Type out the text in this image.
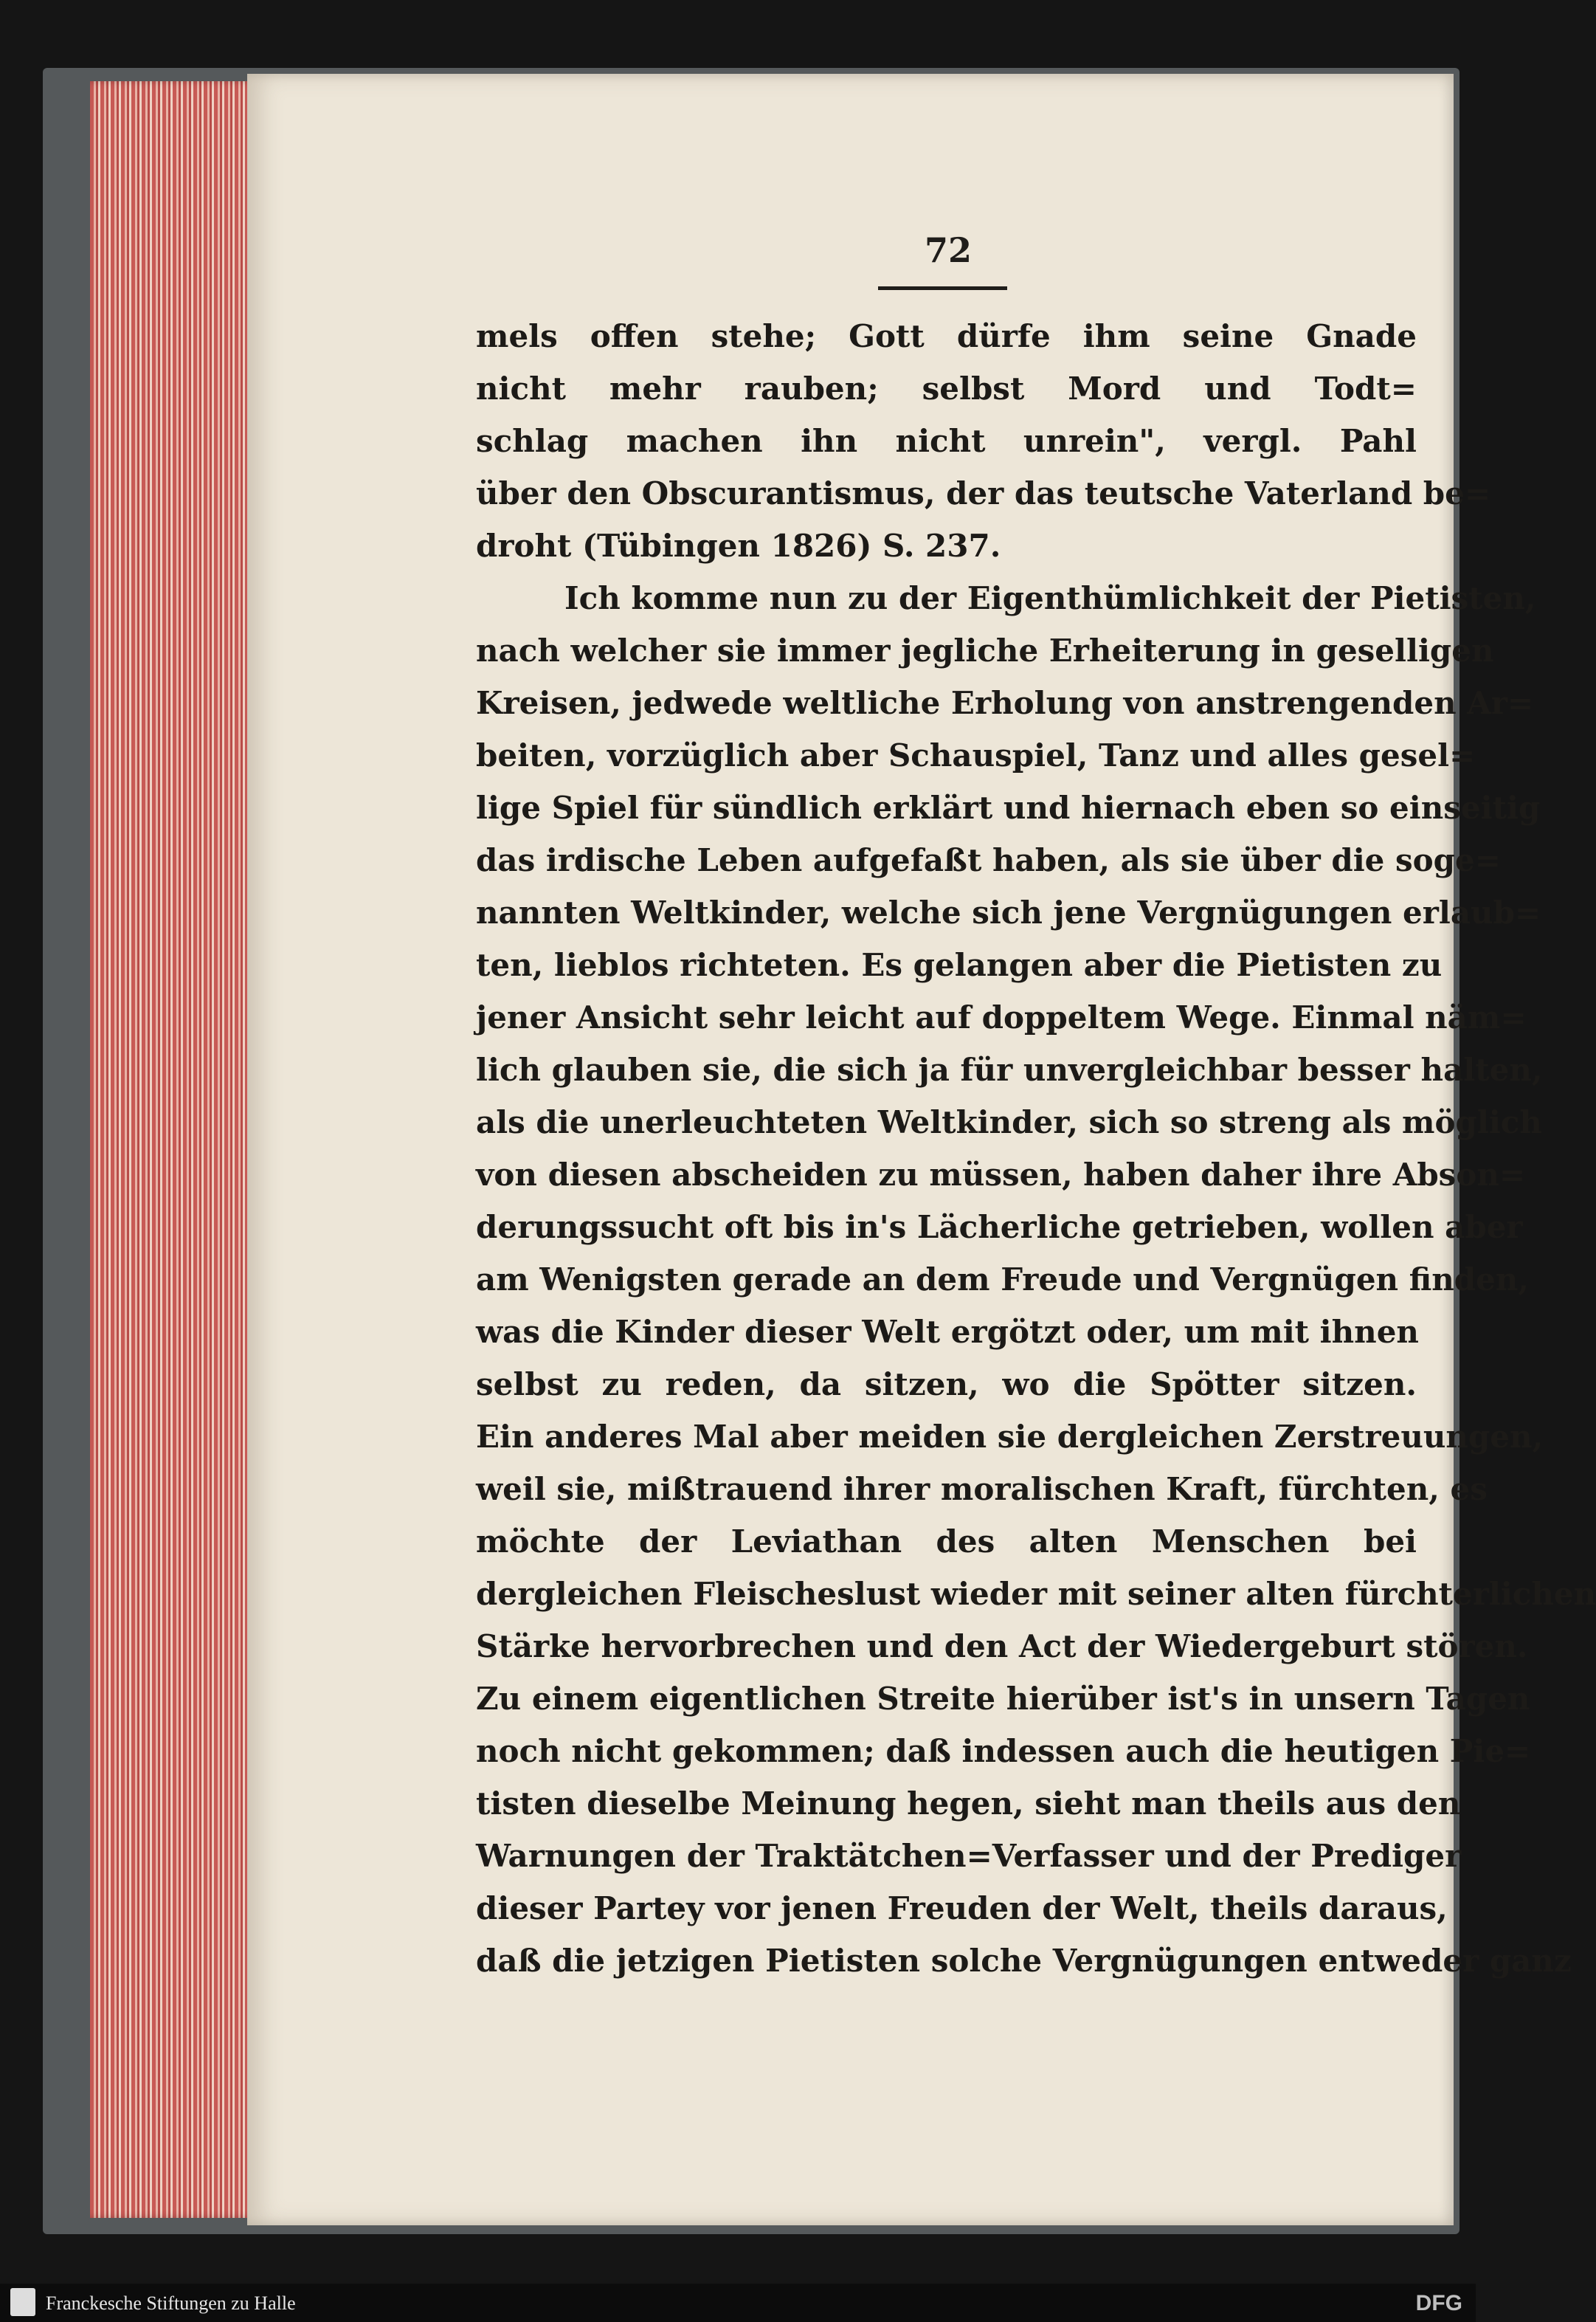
72
mels offen stehe; Gott dürfe ihm seine Gnade
nicht mehr rauben; selbst Mord und Todt=
schlag machen ihn nicht unrein", vergl. Pahl
über den Obscurantismus, der das teutsche Vaterland be=
droht (Tübingen 1826) S. 237.
Ich komme nun zu der Eigenthümlichkeit der Pietisten,
nach welcher sie immer jegliche Erheiterung in geselligen
Kreisen, jedwede weltliche Erholung von anstrengenden Ar=
beiten, vorzüglich aber Schauspiel, Tanz und alles gesel=
lige Spiel für sündlich erklärt und hiernach eben so einseitig
das irdische Leben aufgefaßt haben, als sie über die soge=
nannten Weltkinder, welche sich jene Vergnügungen erlaub=
ten, lieblos richteten. Es gelangen aber die Pietisten zu
jener Ansicht sehr leicht auf doppeltem Wege. Einmal näm=
lich glauben sie, die sich ja für unvergleichbar besser halten,
als die unerleuchteten Weltkinder, sich so streng als möglich
von diesen abscheiden zu müssen, haben daher ihre Abson=
derungssucht oft bis in's Lächerliche getrieben, wollen aber
am Wenigsten gerade an dem Freude und Vergnügen finden,
was die Kinder dieser Welt ergötzt oder, um mit ihnen
selbst zu reden, da sitzen, wo die Spötter sitzen.
Ein anderes Mal aber meiden sie dergleichen Zerstreuungen,
weil sie, mißtrauend ihrer moralischen Kraft, fürchten, es
möchte der Leviathan des alten Menschen bei
dergleichen Fleischeslust wieder mit seiner alten fürchterlichen
Stärke hervorbrechen und den Act der Wiedergeburt stören.
Zu einem eigentlichen Streite hierüber ist's in unsern Tagen
noch nicht gekommen; daß indessen auch die heutigen Pie=
tisten dieselbe Meinung hegen, sieht man theils aus den
Warnungen der Traktätchen=Verfasser und der Prediger
dieser Partey vor jenen Freuden der Welt, theils daraus,
daß die jetzigen Pietisten solche Vergnügungen entweder ganz
Franckesche Stiftungen zu Halle	DFG
